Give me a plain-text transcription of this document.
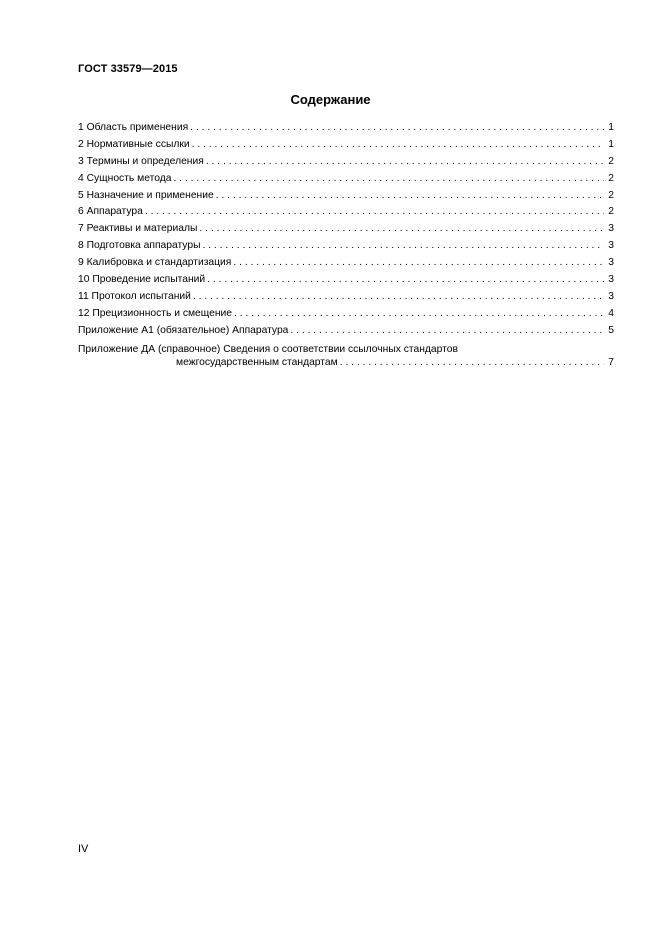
ГОСТ 33579—2015
Содержание
1 Область применения . . .	1
2 Нормативные ссылки . . .	1
3 Термины и определения . . .	2
4 Сущность метода . . .	2
5 Назначение и применение . . .	2
6 Аппаратура . . .	2
7 Реактивы и материалы . . .	3
8 Подготовка аппаратуры . . .	3
9 Калибровка и стандартизация . . .	3
10 Проведение испытаний . . .	3
11 Протокол испытаний . . .	3
12 Прецизионность и смещение . . .	4
Приложение А1 (обязательное) Аппаратура . . .	5
Приложение ДА (справочное) Сведения о соответствии ссылочных стандартов
межгосударственным стандартам . . .	7
IV
